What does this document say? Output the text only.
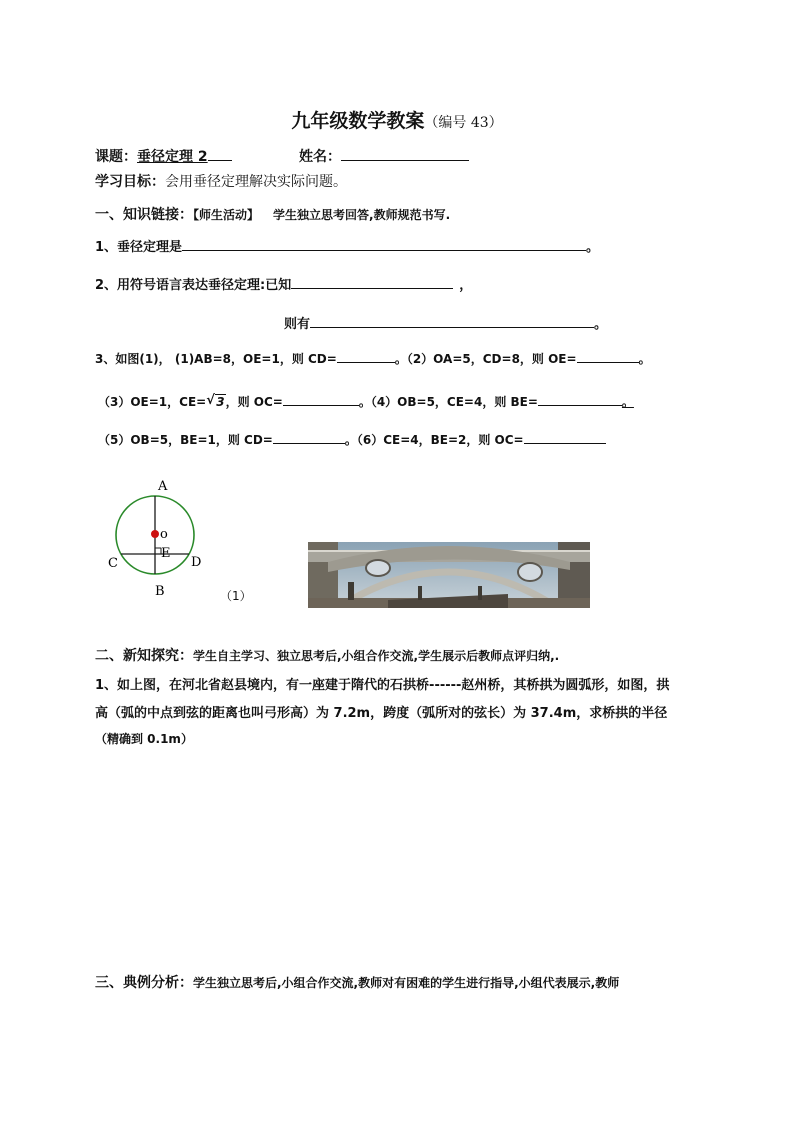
九年级数学教案（编号 43）
课题：垂径定理 2	姓名：
学习目标：会用垂径定理解决实际问题。
一、知识链接：【师生活动】 学生独立思考回答,教师规范书写.
1、垂径定理是	。
2、用符号语言表达垂径定理:已知	，
则有	。
3、如图(1)， (1)AB=8，OE=1，则 CD=	。（2）OA=5，CD=8，则 OE=	。
（3）OE=1，CE= √ 3，则 OC=	。（4）OB=5，CE=4，则 BE=	。
（5）OB=5，BE=1，则 CD=	。（6）CE=4，BE=2，则 OC=
A
o
E
C	D
B	（1）
二、新知探究：学生自主学习、独立思考后,小组合作交流,学生展示后教师点评归纳,.
1、如上图，在河北省赵县境内，有一座建于隋代的石拱桥------赵州桥，其桥拱为圆弧形，如图，拱
高（弧的中点到弦的距离也叫弓形高）为 7.2m，跨度（弧所对的弦长）为 37.4m，求桥拱的半径
（精确到 0.1m）
三、典例分析：学生独立思考后,小组合作交流,教师对有困难的学生进行指导,小组代表展示,教师
